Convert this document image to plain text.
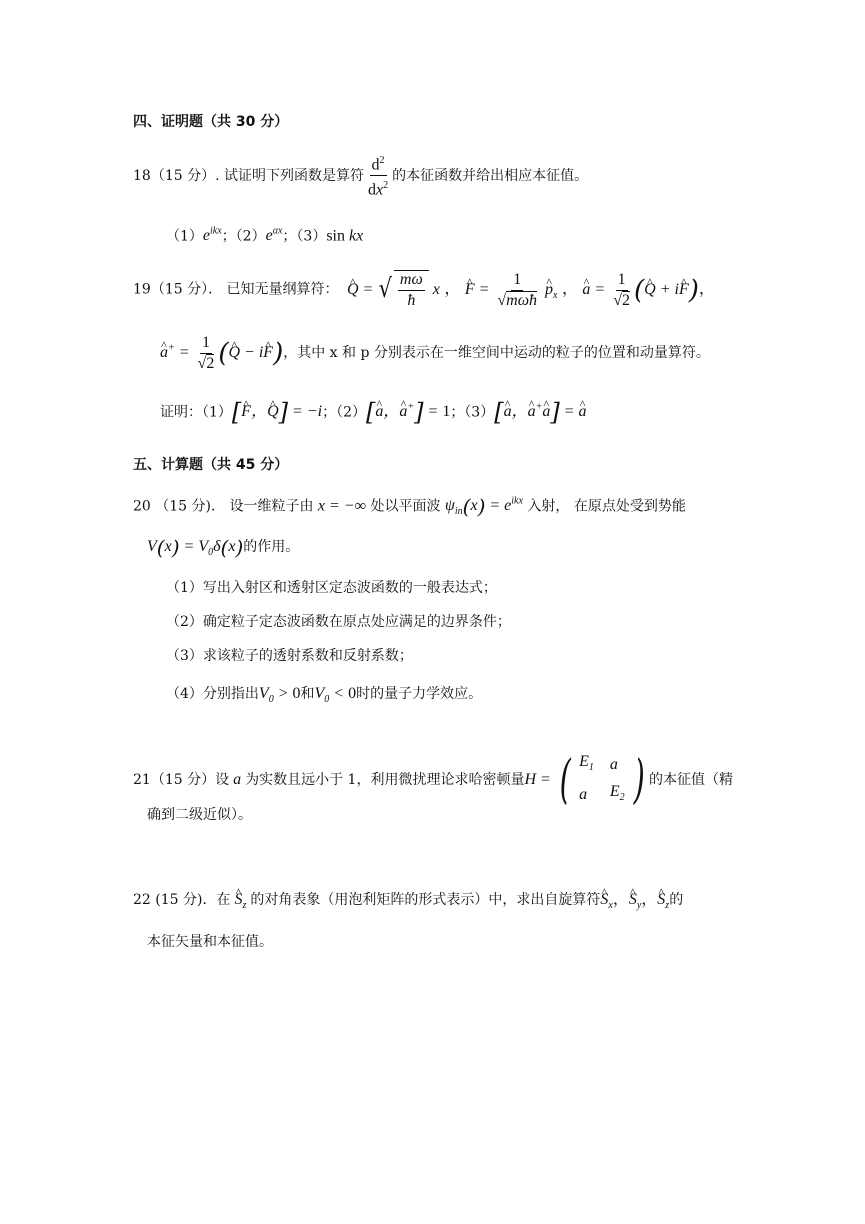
四、证明题（共 30 分）
18（15 分）. 试证明下列函数是算符 $\frac{d^2}{dx^2}$ 的本征函数并给出相应本征值。
$(1)e^{ikx}$；$(2)e^{\alpha x}$；（3）sin kx
19（15 分）． 已知无量纲算符： ^ Q = √ $\frac{m\omega}{ħ}$ x ， ^ $F = \frac{1}{\text{√mωħ}}$ ^ $p_x$ ， ^ $a = \frac{1}{√2}$ (^ Q + i^ F)，
^ $a^+ = \frac{1}{√2}$ (^ Q − i^ F)，其中 x 和 p 分别表示在一维空间中运动的粒子的位置和动量算符。
证明：（1）[^ F，^ Q] = −i；（2）[^ a，^ a+] = 1；（3）[^ a，^ a+^ a] = ^ a
五、计算题（共 45 分）
20 （15 分)． 设一维粒子由 x = −∞ 处以平面波 $\psi_{in}(x) = e^{ikx}$ 入射， 在原点处受到势能
$V(x) = V_0\delta(x)$的作用。
（1）写出入射区和透射区定态波函数的一般表达式；
（2）确定粒子定态波函数在原点处应满足的边界条件；
（3）求该粒子的透射系数和反射系数；
（4）分别指出$V_0 > 0$和$V_0 < 0$时的量子力学效应。
21（15 分）设 a 为实数且远小于 1，利用微扰理论求哈密顿量H = ( $E_1$	a
a	$E_2$ ) 的本征值（精
确到二级近似）。
22 (15 分)．在 ^ $S_z$ 的对角表象（用泡利矩阵的形式表示）中，求出自旋算符^ $S_x$，^ $S_y$，^ $S_z$的
本征矢量和本征值。
